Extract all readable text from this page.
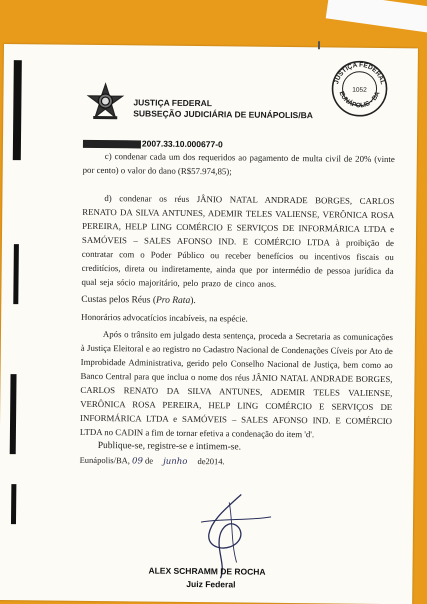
JUSTIÇA FEDERAL
SUBSEÇÃO JUDICIÁRIA DE EUNÁPOLIS/BA
JUSTIÇA FEDERAL
EUNÁPOLIS - BA
1052
2007.33.10.000677-0

c) condenar cada um dos requeridos ao pagamento de multa civil de 20% (vinte por cento) o valor do dano (R$57.974,85);

d) condenar os réus JÂNIO NATAL ANDRADE BORGES, CARLOS RENATO DA SILVA ANTUNES, ADEMIR TELES VALIENSE, VERÔNICA ROSA PEREIRA, HELP LING COMÉRCIO E SERVIÇOS DE INFORMÁRICA LTDA e SAMÓVEIS – SALES AFONSO IND. E COMÉRCIO LTDA à proibição de contratar com o Poder Público ou receber benefícios ou incentivos fiscais ou creditícios, direta ou indiretamente, ainda que por intermédio de pessoa jurídica da qual seja sócio majoritário, pelo prazo de cinco anos.

Custas pelos Réus (Pro Rata).

Honorários advocatícios incabíveis, na espécie.

Após o trânsito em julgado desta sentença, proceda a Secretaria as comunicações à Justiça Eleitoral e ao registro no Cadastro Nacional de Condenações Cíveis por Ato de Improbidade Administrativa, gerido pelo Conselho Nacional de Justiça, bem como ao Banco Central para que inclua o nome dos réus JÂNIO NATAL ANDRADE BORGES, CARLOS RENATO DA SILVA ANTUNES, ADEMIR TELES VALIENSE, VERÔNICA ROSA PEREIRA, HELP LING COMÉRCIO E SERVIÇOS DE INFORMÁRICA LTDA e SAMÓVEIS – SALES AFONSO IND. E COMÉRCIO LTDA no CADIN a fim de tornar efetiva a condenação do item 'd'.

Publique-se, registre-se e intimem-se.

Eunápolis/BA, 09 de junho de2014.

ALEX SCHRAMM DE ROCHA
Juiz Federal
